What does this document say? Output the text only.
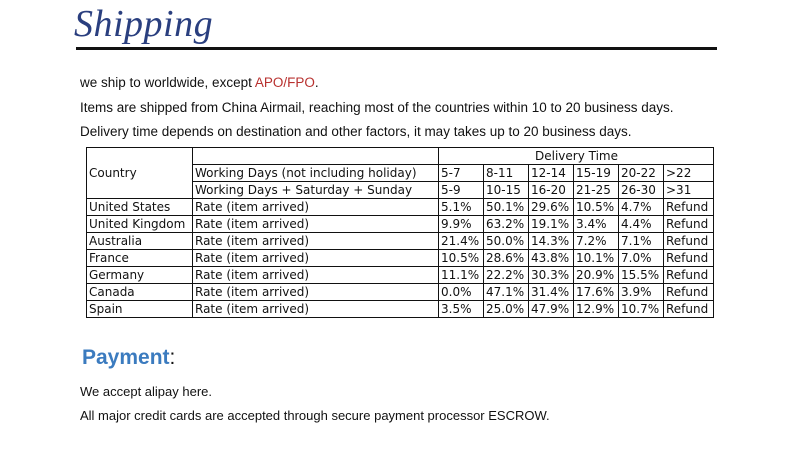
Shipping
we ship to worldwide, except APO/FPO.
Items are shipped from China Airmail, reaching most of the countries within 10 to 20 business days.
Delivery time depends on destination and other factors, it may takes up to 20 business days.
Country		Delivery Time					
	Working Days (not including holiday)	5-7	8-11	12-14	15-19	20-22	>22
	Working Days + Saturday + Sunday	5-9	10-15	16-20	21-25	26-30	>31
United States	Rate (item arrived)	5.1%	50.1%	29.6%	10.5%	4.7%	Refund
United Kingdom	Rate (item arrived)	9.9%	63.2%	19.1%	3.4%	4.4%	Refund
Australia	Rate (item arrived)	21.4%	50.0%	14.3%	7.2%	7.1%	Refund
France	Rate (item arrived)	10.5%	28.6%	43.8%	10.1%	7.0%	Refund
Germany	Rate (item arrived)	11.1%	22.2%	30.3%	20.9%	15.5%	Refund
Canada	Rate (item arrived)	0.0%	47.1%	31.4%	17.6%	3.9%	Refund
Spain	Rate (item arrived)	3.5%	25.0%	47.9%	12.9%	10.7%	Refund
Payment:
We accept alipay here.
All major credit cards are accepted through secure payment processor ESCROW.
